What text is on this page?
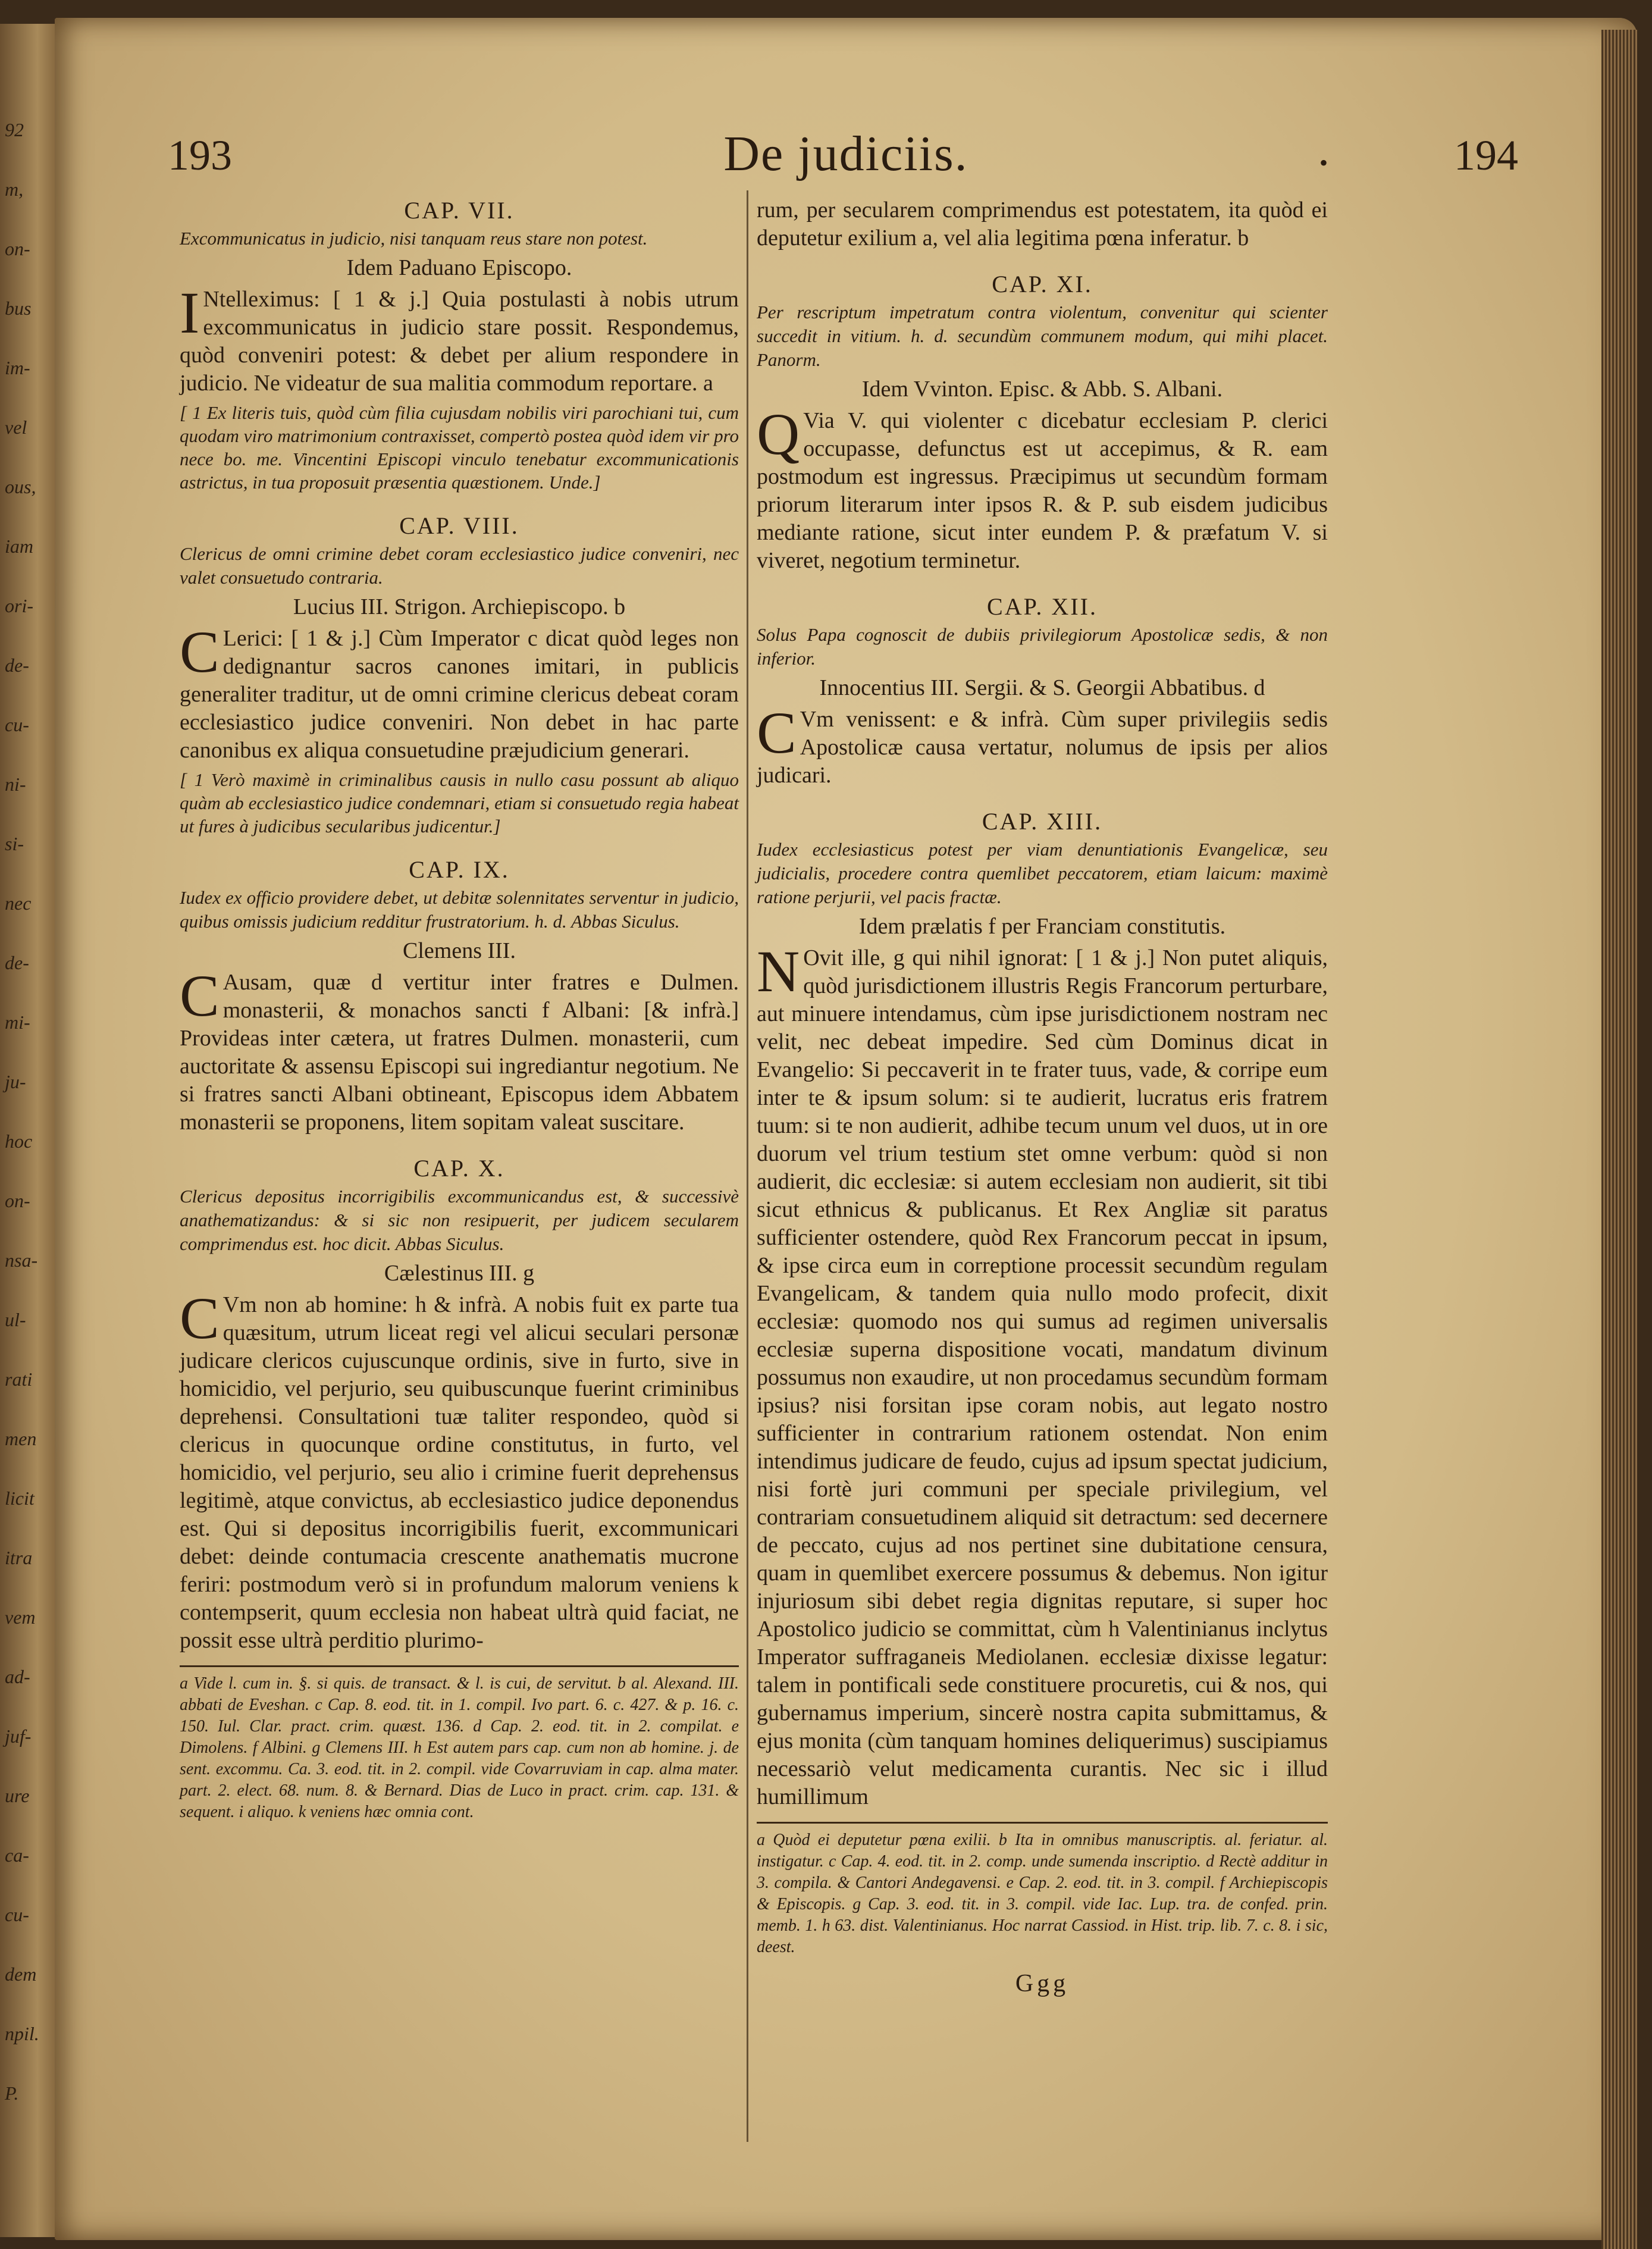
92
m,
on-
bus
im-
vel
ous,
iam
ori-
de-
cu-
ni-
si-
nec
de-
mi-
ju-
hoc
on-
nsa-
ul-
rati
men
licit
itra
vem
ad-
juf-
ure
ca-
cu-
dem
npil.
P.
193	De judiciis.	•	194
CAP. VII.
Excommunicatus in judicio, nisi tanquam reus stare non potest.
Idem Paduano Episcopo.
INtelleximus: [ 1 & j.] Quia postulasti à nobis utrum excommunicatus in judicio stare possit. Respondemus, quòd conveniri potest: & debet per alium respondere in judicio. Ne videatur de sua malitia commodum reportare. a
[ 1 Ex literis tuis, quòd cùm filia cujusdam nobilis viri parochiani tui, cum quodam viro matrimonium contraxisset, compertò postea quòd idem vir pro nece bo. me. Vincentini Episcopi vinculo tenebatur excommunicationis astrictus, in tua proposuit præsentia quæstionem. Unde.]
CAP. VIII.
Clericus de omni crimine debet coram ecclesiastico judice conveniri, nec valet consuetudo contraria.
Lucius III. Strigon. Archiepiscopo. b
CLerici: [ 1 & j.] Cùm Imperator c dicat quòd leges non dedignantur sacros canones imitari, in publicis generaliter traditur, ut de omni crimine clericus debeat coram ecclesiastico judice conveniri. Non debet in hac parte canonibus ex aliqua consuetudine præjudicium generari.
[ 1 Verò maximè in criminalibus causis in nullo casu possunt ab aliquo quàm ab ecclesiastico judice condemnari, etiam si consuetudo regia habeat ut fures à judicibus secularibus judicentur.]
CAP. IX.
Iudex ex officio providere debet, ut debitæ solennitates serventur in judicio, quibus omissis judicium redditur frustratorium. h. d. Abbas Siculus.
Clemens III.
CAusam, quæ d vertitur inter fratres e Dulmen. monasterii, & monachos sancti f Albani: [& infrà.] Provideas inter cætera, ut fratres Dulmen. monasterii, cum auctoritate & assensu Episcopi sui ingrediantur negotium. Ne si fratres sancti Albani obtineant, Episcopus idem Abbatem monasterii se proponens, litem sopitam valeat suscitare.
CAP. X.
Clericus depositus incorrigibilis excommunicandus est, & successivè anathematizandus: & si sic non resipuerit, per judicem secularem comprimendus est. hoc dicit. Abbas Siculus.
Cælestinus III. g
CVm non ab homine: h & infrà. A nobis fuit ex parte tua quæsitum, utrum liceat regi vel alicui seculari personæ judicare clericos cujuscunque ordinis, sive in furto, sive in homicidio, vel perjurio, seu quibuscunque fuerint criminibus deprehensi. Consultationi tuæ taliter respondeo, quòd si clericus in quocunque ordine constitutus, in furto, vel homicidio, vel perjurio, seu alio i crimine fuerit deprehensus legitimè, atque convictus, ab ecclesiastico judice deponendus est. Qui si depositus incorrigibilis fuerit, excommunicari debet: deinde contumacia crescente anathematis mucrone feriri: postmodum verò si in profundum malorum veniens k contempserit, quum ecclesia non habeat ultrà quid faciat, ne possit esse ultrà perditio plurimo-
a Vide l. cum in. §. si quis. de transact. & l. is cui, de servitut. b al. Alexand. III. abbati de Eveshan. c Cap. 8. eod. tit. in 1. compil. Ivo part. 6. c. 427. & p. 16. c. 150. Iul. Clar. pract. crim. quæst. 136. d Cap. 2. eod. tit. in 2. compilat. e Dimolens. f Albini. g Clemens III. h Est autem pars cap. cum non ab homine. j. de sent. excommu. Ca. 3. eod. tit. in 2. compil. vide Covarruviam in cap. alma mater. part. 2. elect. 68. num. 8. & Bernard. Dias de Luco in pract. crim. cap. 131. & sequent. i aliquo. k veniens hæc omnia cont.
rum, per secularem comprimendus est potestatem, ita quòd ei deputetur exilium a, vel alia legitima pœna inferatur. b
CAP. XI.
Per rescriptum impetratum contra violentum, convenitur qui scienter succedit in vitium. h. d. secundùm communem modum, qui mihi placet. Panorm.
Idem Vvinton. Episc. & Abb. S. Albani.
QVia V. qui violenter c dicebatur ecclesiam P. clerici occupasse, defunctus est ut accepimus, & R. eam postmodum est ingressus. Præcipimus ut secundùm formam priorum literarum inter ipsos R. & P. sub eisdem judicibus mediante ratione, sicut inter eundem P. & præfatum V. si viveret, negotium terminetur.
CAP. XII.
Solus Papa cognoscit de dubiis privilegiorum Apostolicæ sedis, & non inferior.
Innocentius III. Sergii. & S. Georgii Abbatibus. d
CVm venissent: e & infrà. Cùm super privilegiis sedis Apostolicæ causa vertatur, nolumus de ipsis per alios judicari.
CAP. XIII.
Iudex ecclesiasticus potest per viam denuntiationis Evangelicæ, seu judicialis, procedere contra quemlibet peccatorem, etiam laicum: maximè ratione perjurii, vel pacis fractæ.
Idem prælatis f per Franciam constitutis.
NOvit ille, g qui nihil ignorat: [ 1 & j.] Non putet aliquis, quòd jurisdictionem illustris Regis Francorum perturbare, aut minuere intendamus, cùm ipse jurisdictionem nostram nec velit, nec debeat impedire. Sed cùm Dominus dicat in Evangelio: Si peccaverit in te frater tuus, vade, & corripe eum inter te & ipsum solum: si te audierit, lucratus eris fratrem tuum: si te non audierit, adhibe tecum unum vel duos, ut in ore duorum vel trium testium stet omne verbum: quòd si non audierit, dic ecclesiæ: si autem ecclesiam non audierit, sit tibi sicut ethnicus & publicanus. Et Rex Angliæ sit paratus sufficienter ostendere, quòd Rex Francorum peccat in ipsum, & ipse circa eum in correptione processit secundùm regulam Evangelicam, & tandem quia nullo modo profecit, dixit ecclesiæ: quomodo nos qui sumus ad regimen universalis ecclesiæ superna dispositione vocati, mandatum divinum possumus non exaudire, ut non procedamus secundùm formam ipsius? nisi forsitan ipse coram nobis, aut legato nostro sufficienter in contrarium rationem ostendat. Non enim intendimus judicare de feudo, cujus ad ipsum spectat judicium, nisi fortè juri communi per speciale privilegium, vel contrariam consuetudinem aliquid sit detractum: sed decernere de peccato, cujus ad nos pertinet sine dubitatione censura, quam in quemlibet exercere possumus & debemus. Non igitur injuriosum sibi debet regia dignitas reputare, si super hoc Apostolico judicio se committat, cùm h Valentinianus inclytus Imperator suffraganeis Mediolanen. ecclesiæ dixisse legatur: talem in pontificali sede constituere procuretis, cui & nos, qui gubernamus imperium, sincerè nostra capita submittamus, & ejus monita (cùm tanquam homines deliquerimus) suscipiamus necessariò velut medicamenta curantis. Nec sic i illud humillimum
a Quòd ei deputetur pœna exilii. b Ita in omnibus manuscriptis. al. feriatur. al. instigatur. c Cap. 4. eod. tit. in 2. comp. unde sumenda inscriptio. d Rectè additur in 3. compila. & Cantori Andegavensi. e Cap. 2. eod. tit. in 3. compil. f Archiepiscopis & Episcopis. g Cap. 3. eod. tit. in 3. compil. vide Iac. Lup. tra. de confed. prin. memb. 1. h 63. dist. Valentinianus. Hoc narrat Cassiod. in Hist. trip. lib. 7. c. 8. i sic, deest.
Ggg
